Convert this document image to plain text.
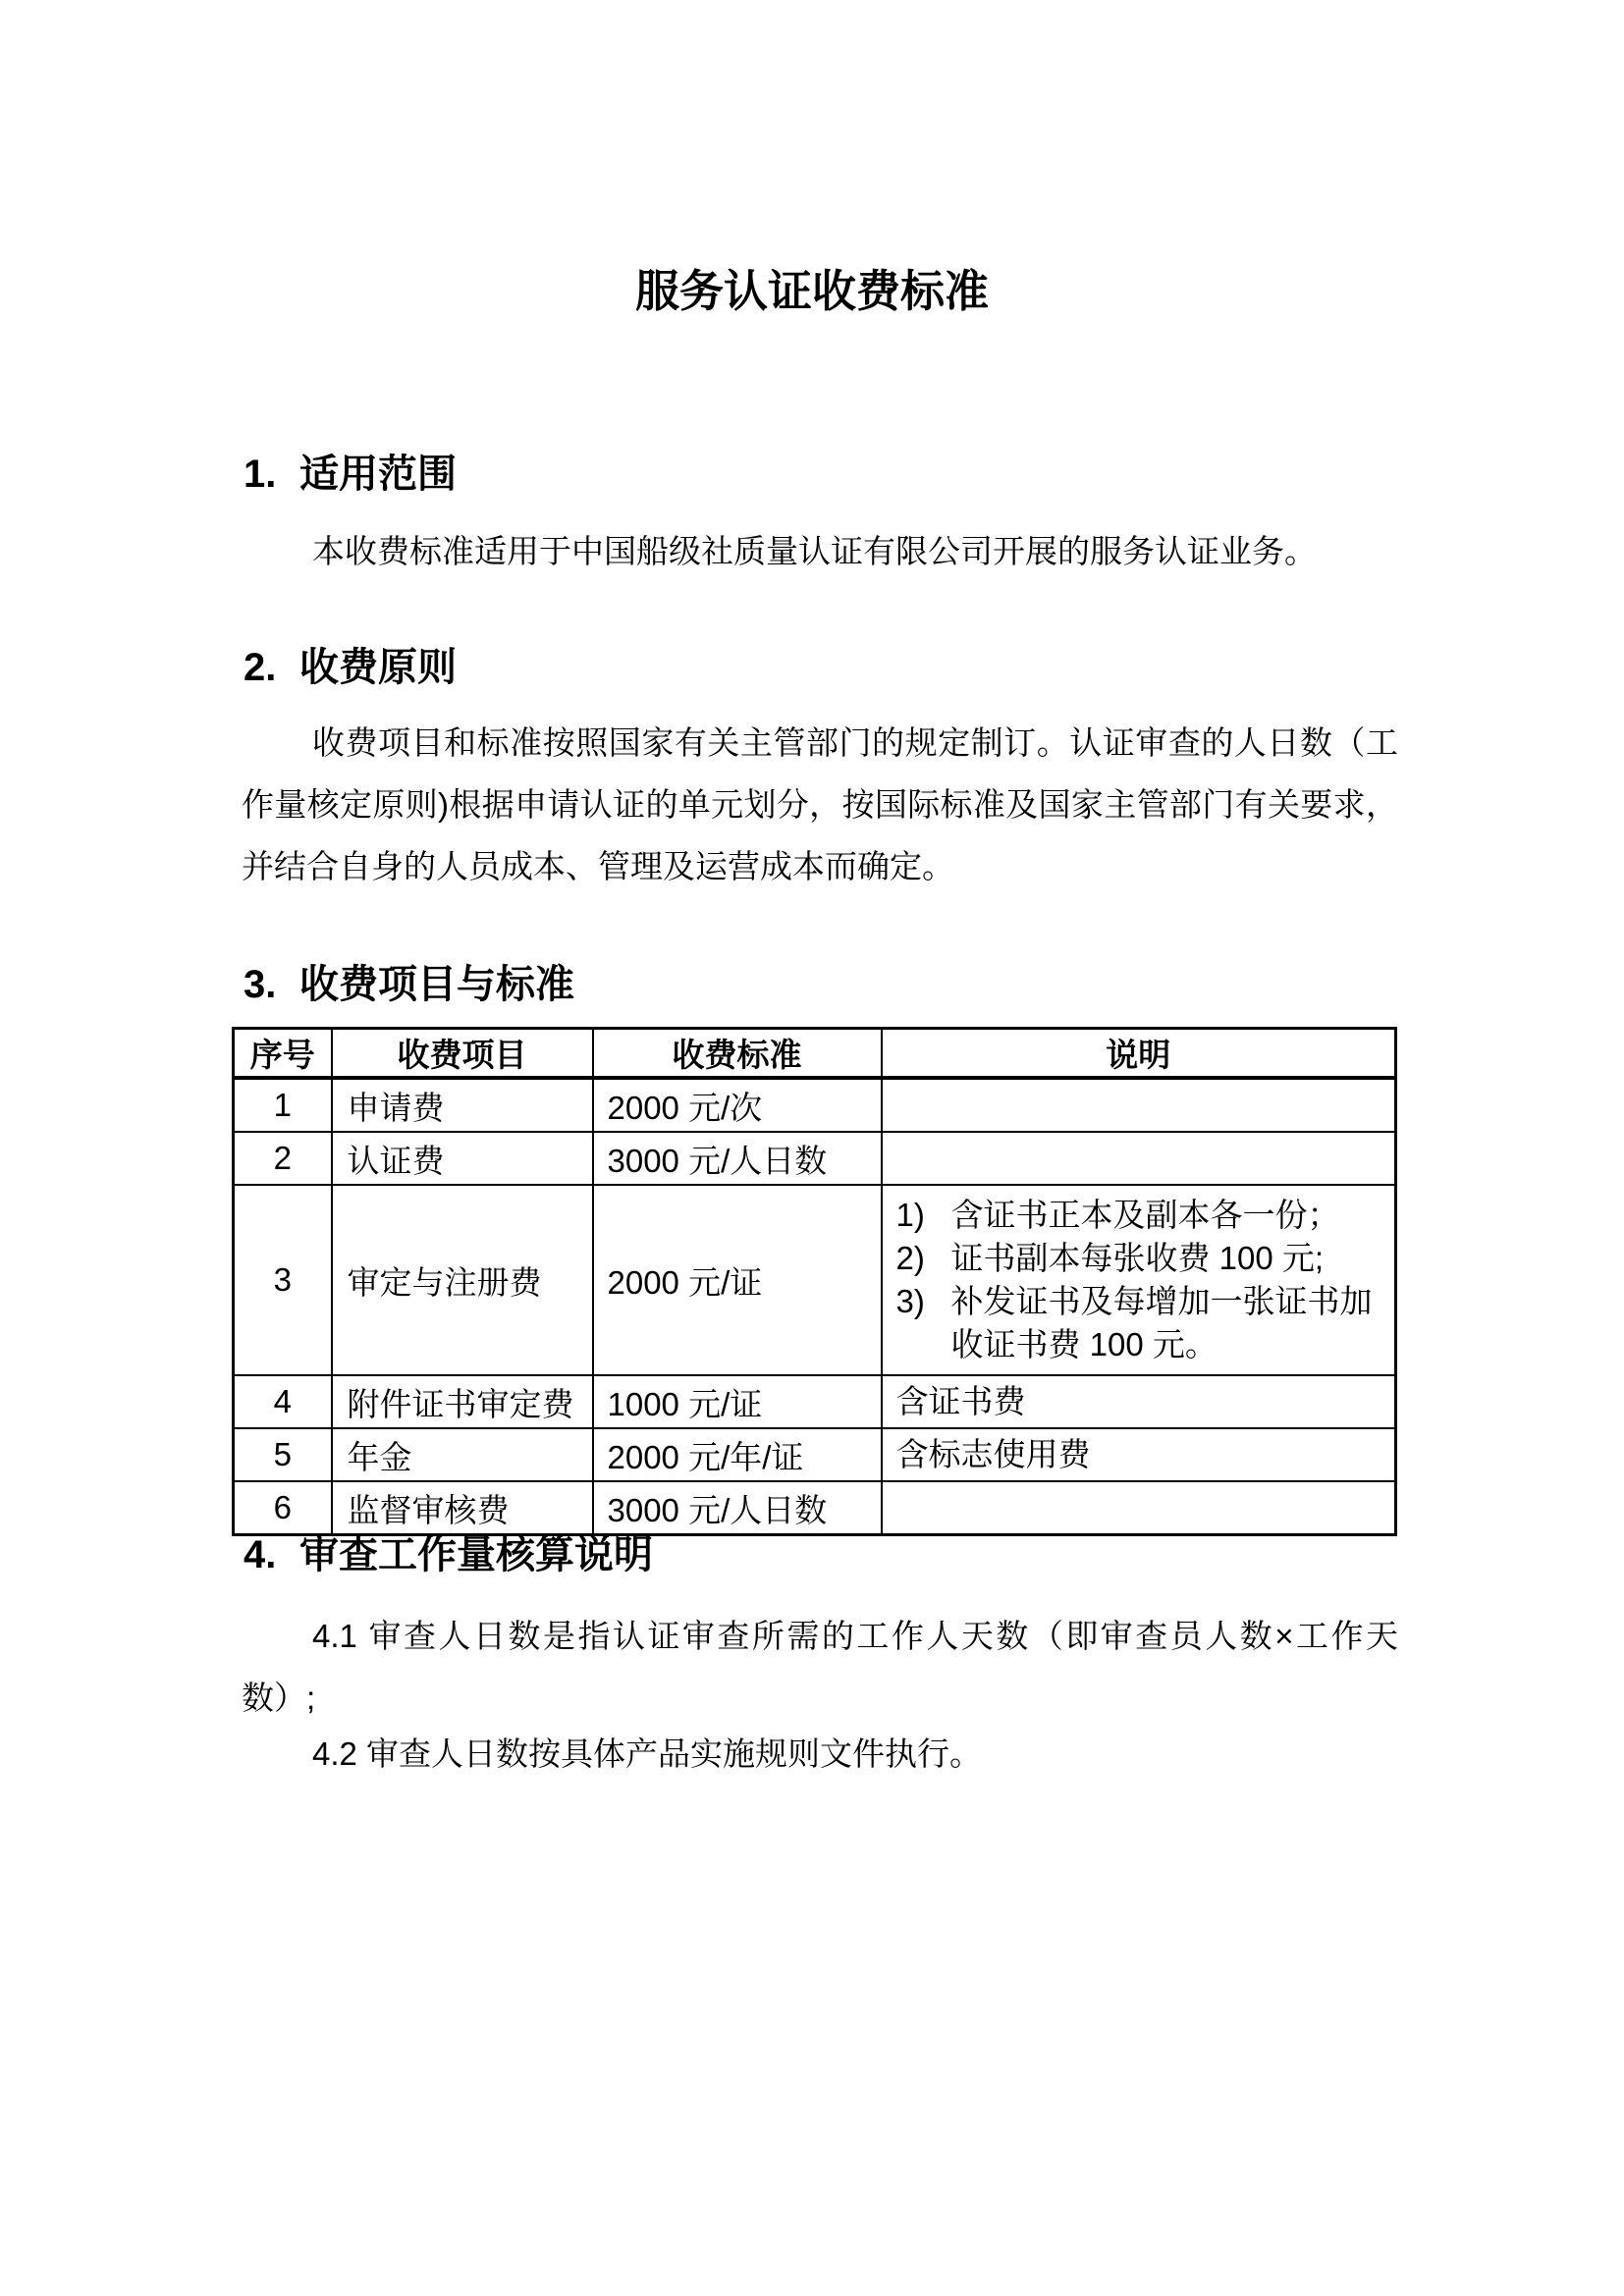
服务认证收费标准
1. 适用范围

本收费标准适用于中国船级社质量认证有限公司开展的服务认证业务。

2. 收费原则

收费项目和标准按照国家有关主管部门的规定制订。认证审查的人日数（工作量核定原则)根据申请认证的单元划分，按国际标准及国家主管部门有关要求，并结合自身的人员成本、管理及运营成本而确定。

3. 收费项目与标准
序号	收费项目	收费标准	说明
1	申请费	2000 元/次	
2	认证费	3000 元/人日数	
3	审定与注册费	2000 元/证	
1) 含证书正本及副本各一份；
2) 证书副本每张收费 100 元;
3) 补发证书及每增加一张证书加收证书费 100 元。

4	附件证书审定费	1000 元/证	含证书费

5	年金	2000 元/年/证	含标志使用费

6	监督审核费	3000 元/人日数	
4. 审查工作量核算说明

4.1 审查人日数是指认证审查所需的工作人天数（即审查员人数×工作天数）;

4.2 审查人日数按具体产品实施规则文件执行。
